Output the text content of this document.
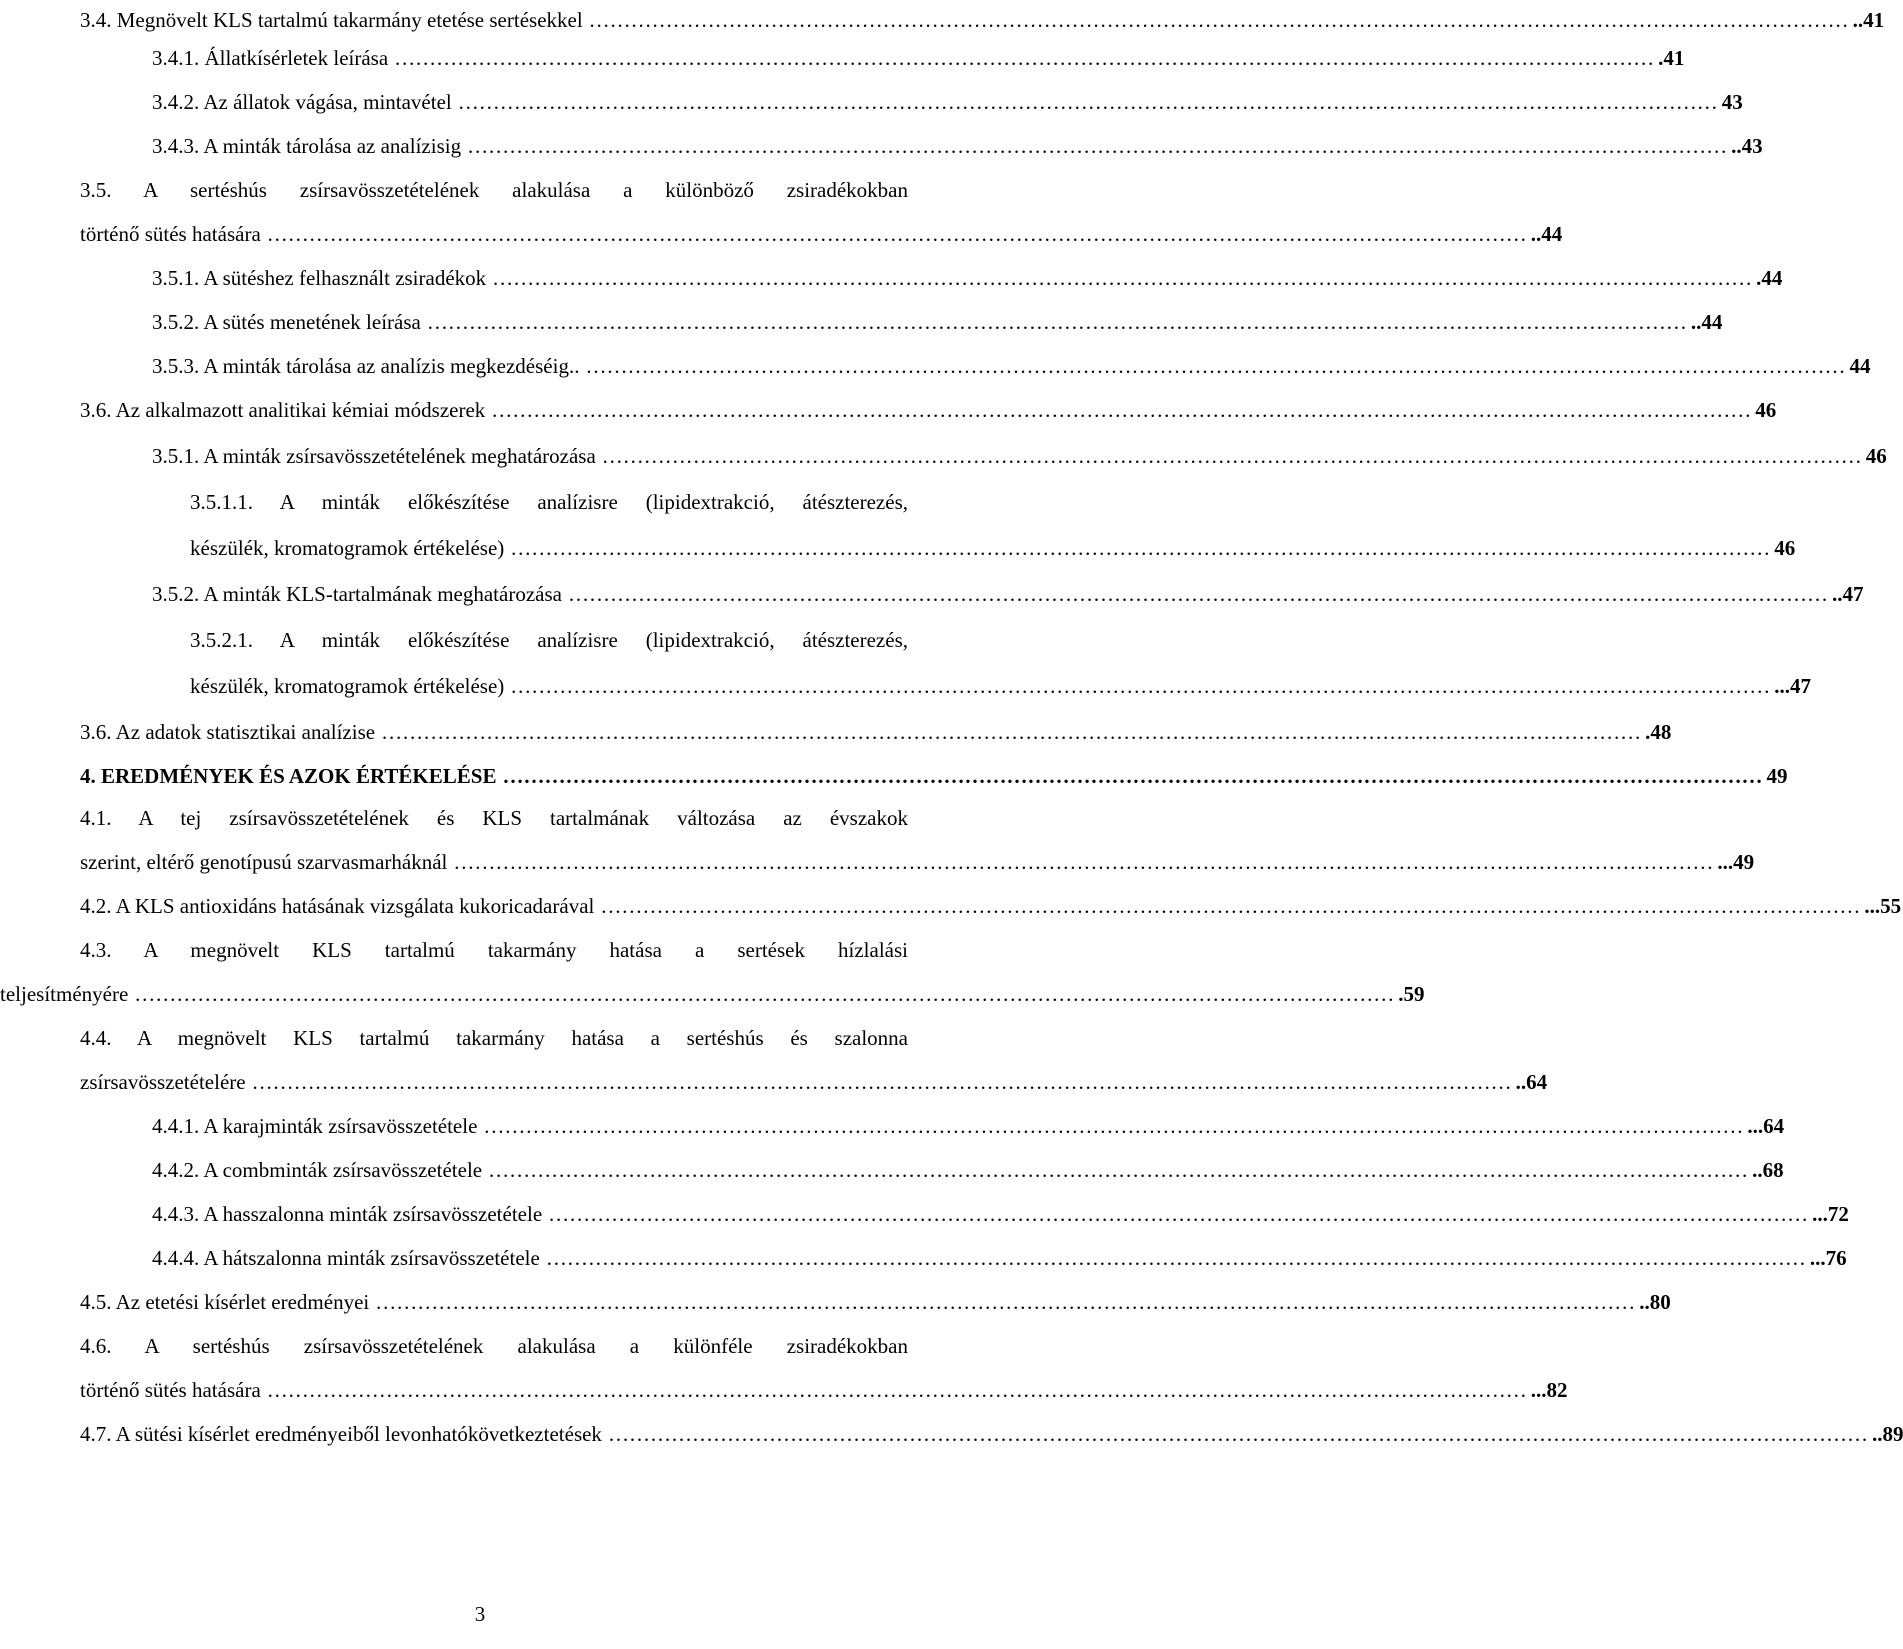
3.4. Megnövelt KLS tartalmú takarmány etetése sertésekkel ……………………………………………………………………………………………………………………………………………………………… ..41
3.4.1. Állatkísérletek leírása ……………………………………………………………………………………………………………………………………………………………… .41
3.4.2. Az állatok vágása, mintavétel ……………………………………………………………………………………………………………………………………………………………… 43
3.4.3. A minták tárolása az analízisig ……………………………………………………………………………………………………………………………………………………………… ..43
3.5. A sertéshús zsírsavösszetételének alakulása a különböző zsiradékokban
történő sütés hatására ……………………………………………………………………………………………………………………………………………………………… ..44
3.5.1. A sütéshez felhasznált zsiradékok ……………………………………………………………………………………………………………………………………………………………… .44
3.5.2. A sütés menetének leírása ……………………………………………………………………………………………………………………………………………………………… ..44
3.5.3. A minták tárolása az analízis megkezdéséig.. ……………………………………………………………………………………………………………………………………………………………… 44
3.6. Az alkalmazott analitikai kémiai módszerek ……………………………………………………………………………………………………………………………………………………………… 46
3.5.1. A minták zsírsavösszetételének meghatározása ……………………………………………………………………………………………………………………………………………………………… 46
3.5.1.1. A minták előkészítése analízisre (lipidextrakció, átészterezés,
készülék, kromatogramok értékelése) ……………………………………………………………………………………………………………………………………………………………… 46
3.5.2. A minták KLS-tartalmának meghatározása ……………………………………………………………………………………………………………………………………………………………… ..47
3.5.2.1. A minták előkészítése analízisre (lipidextrakció, átészterezés,
készülék, kromatogramok értékelése) ……………………………………………………………………………………………………………………………………………………………… ...47
3.6. Az adatok statisztikai analízise ……………………………………………………………………………………………………………………………………………………………… .48
4. EREDMÉNYEK ÉS AZOK ÉRTÉKELÉSE ……………………………………………………………………………………………………………………………………………………………… 49
4.1. A tej zsírsavösszetételének és KLS tartalmának változása az évszakok
szerint, eltérő genotípusú szarvasmarháknál ……………………………………………………………………………………………………………………………………………………………… ...49
4.2. A KLS antioxidáns hatásának vizsgálata kukoricadarával ……………………………………………………………………………………………………………………………………………………………… ...55
4.3. A megnövelt KLS tartalmú takarmány hatása a sertések hízlalási
teljesítményére ……………………………………………………………………………………………………………………………………………………………… .59
4.4. A megnövelt KLS tartalmú takarmány hatása a sertéshús és szalonna
zsírsavösszetételére ……………………………………………………………………………………………………………………………………………………………… ..64
4.4.1. A karajminták zsírsavösszetétele ……………………………………………………………………………………………………………………………………………………………… ...64
4.4.2. A combminták zsírsavösszetétele ……………………………………………………………………………………………………………………………………………………………… ..68
4.4.3. A hasszalonna minták zsírsavösszetétele ……………………………………………………………………………………………………………………………………………………………… ...72
4.4.4. A hátszalonna minták zsírsavösszetétele ……………………………………………………………………………………………………………………………………………………………… ...76
4.5. Az etetési kísérlet eredményei ……………………………………………………………………………………………………………………………………………………………… ..80
4.6. A sertéshús zsírsavösszetételének alakulása a különféle zsiradékokban
történő sütés hatására ……………………………………………………………………………………………………………………………………………………………… ...82
4.7. A sütési kísérlet eredményeiből levonhatókövetkeztetések ……………………………………………………………………………………………………………………………………………………………… ..89
3
